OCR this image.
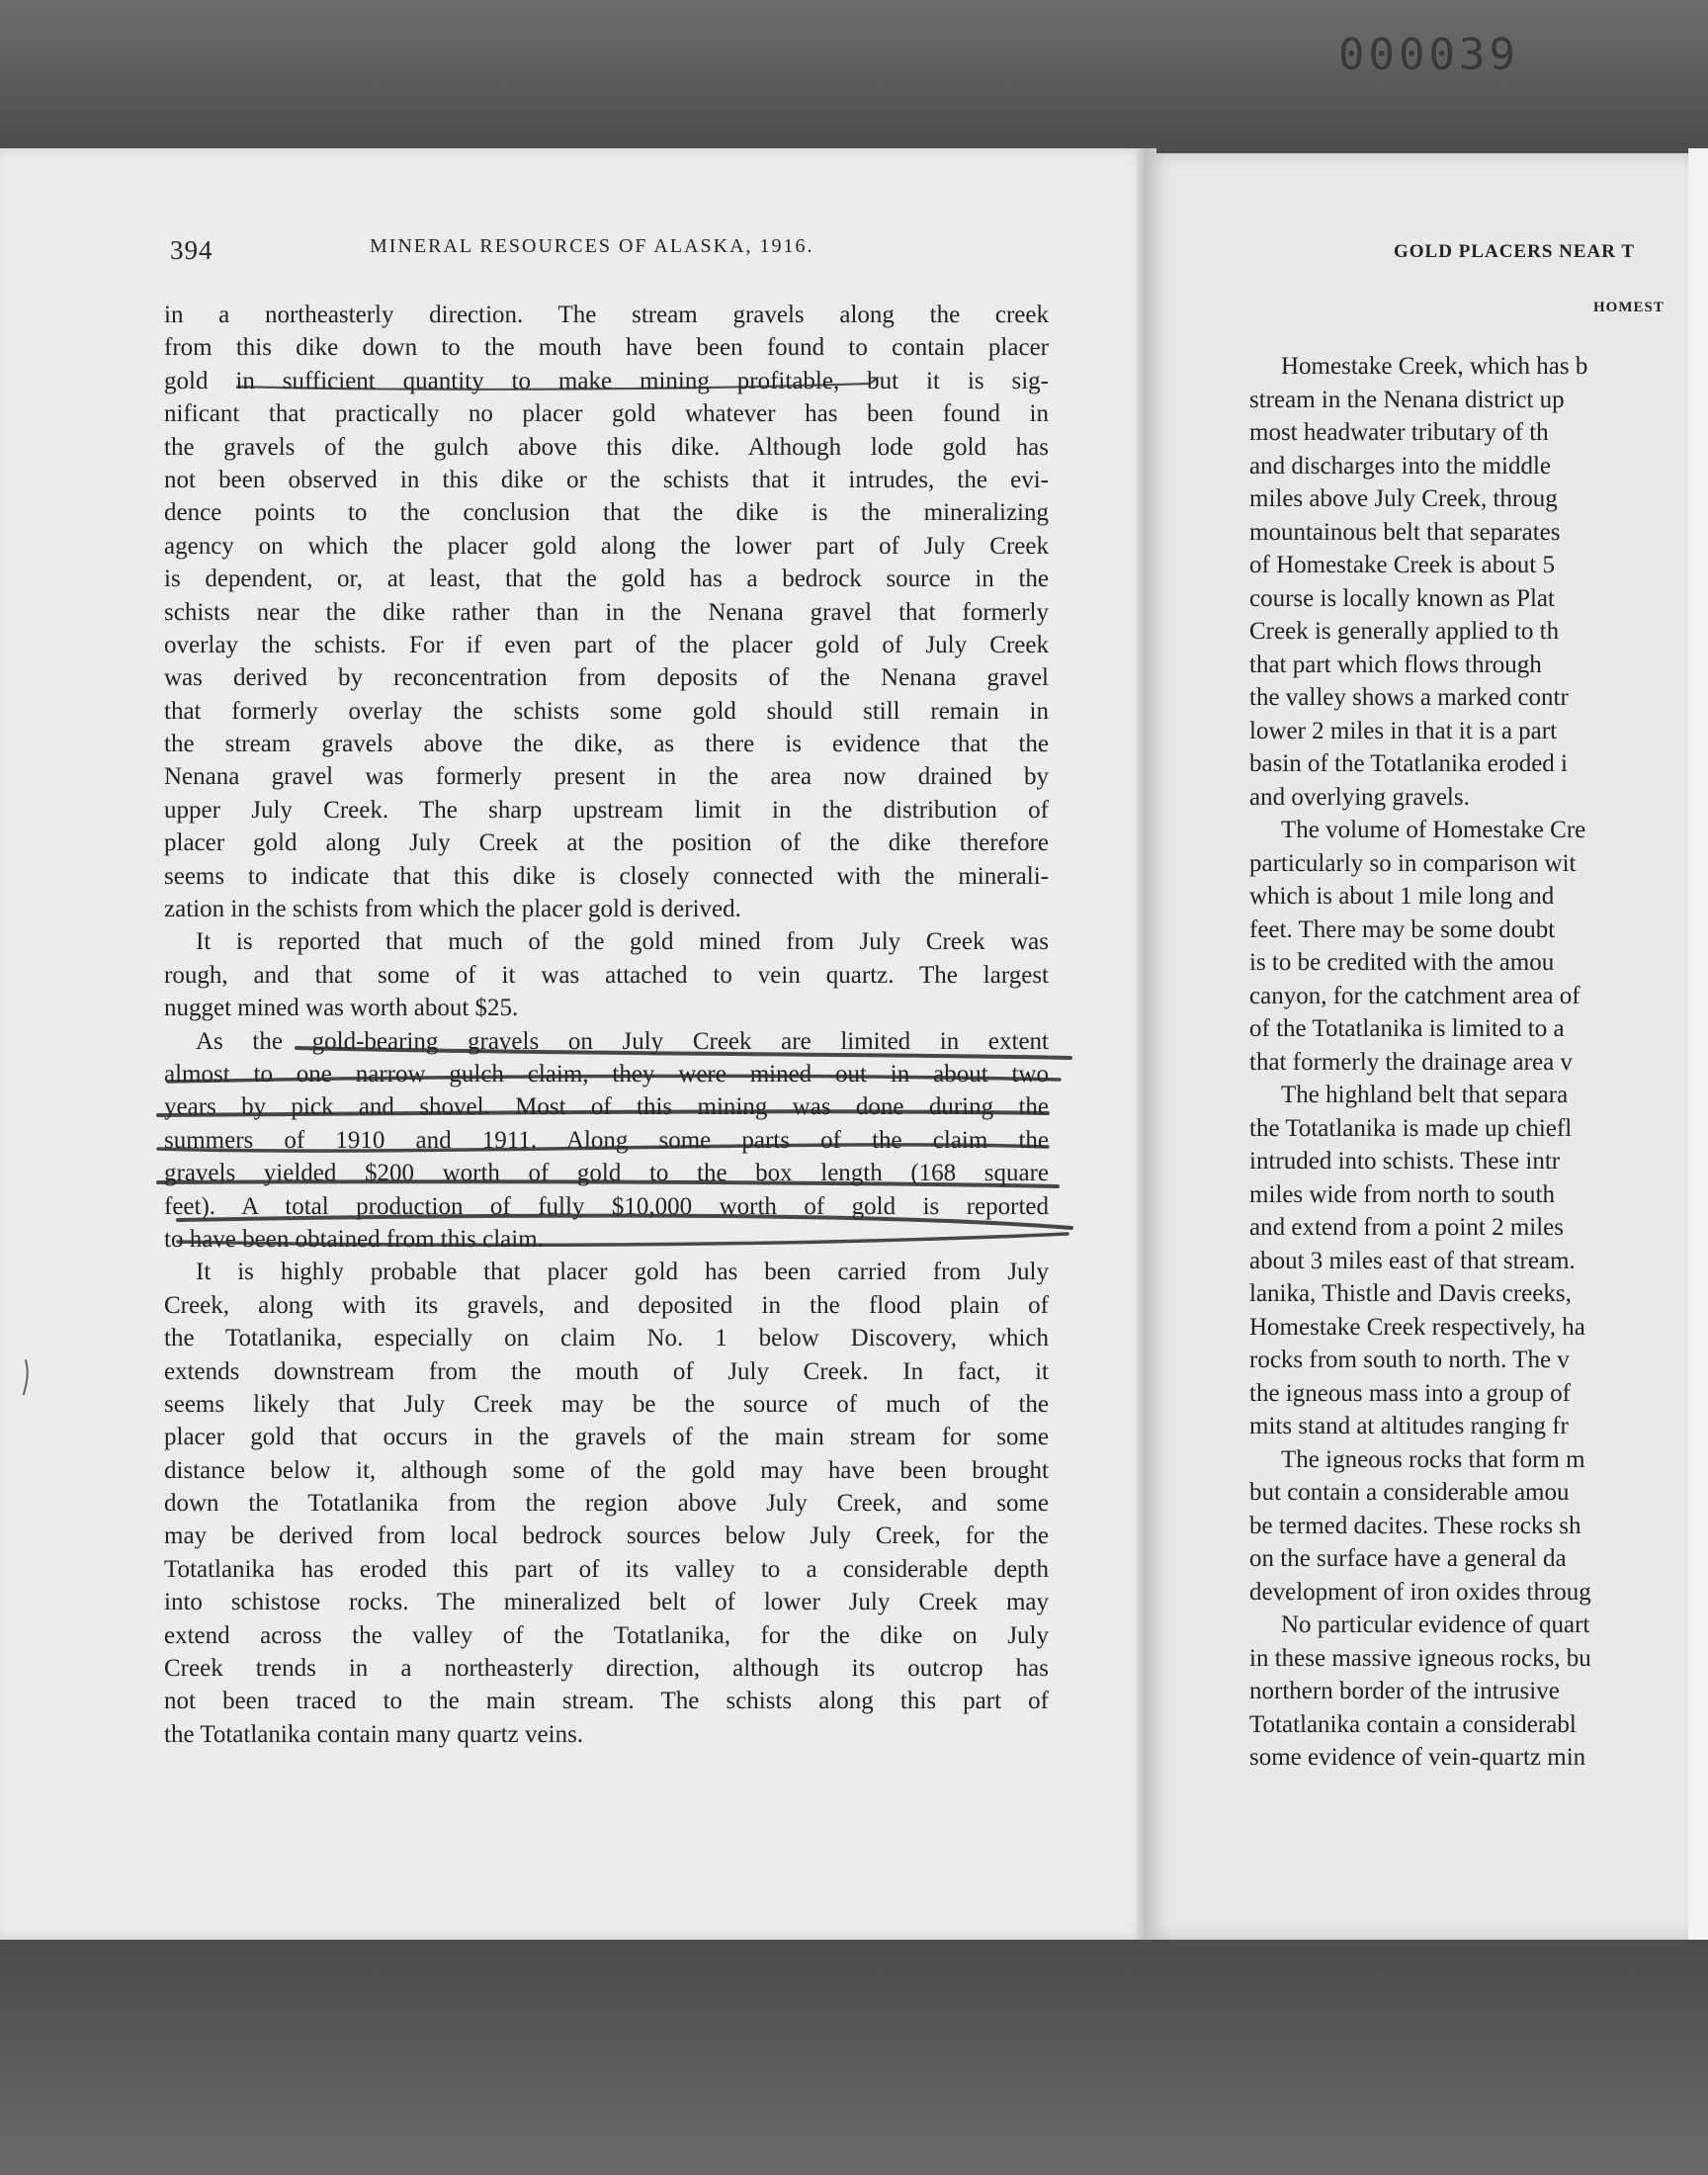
000039
394	MINERAL RESOURCES OF ALASKA, 1916.	GOLD PLACERS NEAR T
HOMEST
in a northeasterly direction. The stream gravels along the creek
from this dike down to the mouth have been found to contain placer
gold in sufficient quantity to make mining profitable, but it is sig-
nificant that practically no placer gold whatever has been found in
the gravels of the gulch above this dike. Although lode gold has
not been observed in this dike or the schists that it intrudes, the evi-
dence points to the conclusion that the dike is the mineralizing
agency on which the placer gold along the lower part of July Creek
is dependent, or, at least, that the gold has a bedrock source in the
schists near the dike rather than in the Nenana gravel that formerly
overlay the schists. For if even part of the placer gold of July Creek
was derived by reconcentration from deposits of the Nenana gravel
that formerly overlay the schists some gold should still remain in
the stream gravels above the dike, as there is evidence that the
Nenana gravel was formerly present in the area now drained by
upper July Creek. The sharp upstream limit in the distribution of
placer gold along July Creek at the position of the dike therefore
seems to indicate that this dike is closely connected with the minerali-
zation in the schists from which the placer gold is derived.
It is reported that much of the gold mined from July Creek was
rough, and that some of it was attached to vein quartz. The largest
nugget mined was worth about $25.
As the gold-bearing gravels on July Creek are limited in extent
almost to one narrow gulch claim, they were mined out in about two
years by pick and shovel. Most of this mining was done during the
summers of 1910 and 1911. Along some parts of the claim the
gravels yielded $200 worth of gold to the box length (168 square
feet). A total production of fully $10,000 worth of gold is reported
to have been obtained from this claim.
It is highly probable that placer gold has been carried from July
Creek, along with its gravels, and deposited in the flood plain of
the Totatlanika, especially on claim No. 1 below Discovery, which
extends downstream from the mouth of July Creek. In fact, it
seems likely that July Creek may be the source of much of the
placer gold that occurs in the gravels of the main stream for some
distance below it, although some of the gold may have been brought
down the Totatlanika from the region above July Creek, and some
may be derived from local bedrock sources below July Creek, for the
Totatlanika has eroded this part of its valley to a considerable depth
into schistose rocks. The mineralized belt of lower July Creek may
extend across the valley of the Totatlanika, for the dike on July
Creek trends in a northeasterly direction, although its outcrop has
not been traced to the main stream. The schists along this part of
the Totatlanika contain many quartz veins.
Homestake Creek, which has b
stream in the Nenana district up
most headwater tributary of th
and discharges into the middle
miles above July Creek, throug
mountainous belt that separates
of Homestake Creek is about 5
course is locally known as Plat
Creek is generally applied to th
that part which flows through
the valley shows a marked contr
lower 2 miles in that it is a part
basin of the Totatlanika eroded i
and overlying gravels.
The volume of Homestake Cre
particularly so in comparison wit
which is about 1 mile long and
feet. There may be some doubt
is to be credited with the amou
canyon, for the catchment area of
of the Totatlanika is limited to a
that formerly the drainage area v
The highland belt that separa
the Totatlanika is made up chiefl
intruded into schists. These intr
miles wide from north to south
and extend from a point 2 miles
about 3 miles east of that stream.
lanika, Thistle and Davis creeks,
Homestake Creek respectively, ha
rocks from south to north. The v
the igneous mass into a group of
mits stand at altitudes ranging fr
The igneous rocks that form m
but contain a considerable amou
be termed dacites. These rocks sh
on the surface have a general da
development of iron oxides throug
No particular evidence of quart
in these massive igneous rocks, bu
northern border of the intrusive
Totatlanika contain a considerabl
some evidence of vein-quartz min
